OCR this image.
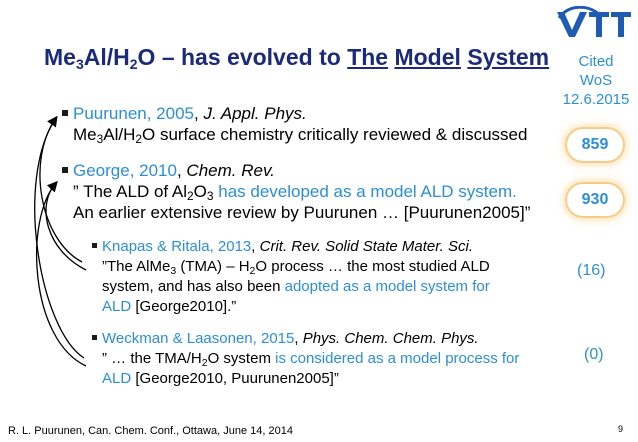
$Me_3Al/H_2O$ – has evolved to The Model System	Cited
WoS
12.6.2015
859
930
(16)
(0)
Puurunen, 2005, J. Appl. Phys.
$Me_3Al/H_2O$ surface chemistry critically reviewed & discussed
George, 2010, Chem. Rev.
” The ALD of $Al_2O_3$ has developed as a model ALD system.
An earlier extensive review by Puurunen … [Puurunen2005]”
Knapas & Ritala, 2013, Crit. Rev. Solid State Mater. Sci.
”The AlMe$_3$ $(TMA) - H_2O$ process … the most studied ALD
system, and has also been adopted as a model system for
ALD [George2010].”
Weckman & Laasonen, 2015, Phys. Chem. Chem. Phys.
” … the TMA/$H_2O$ system is considered as a model process for
ALD [George2010, Puurunen2005]”
R. L. Puurunen, Can. Chem. Conf., Ottawa, June 14, 2014	9
